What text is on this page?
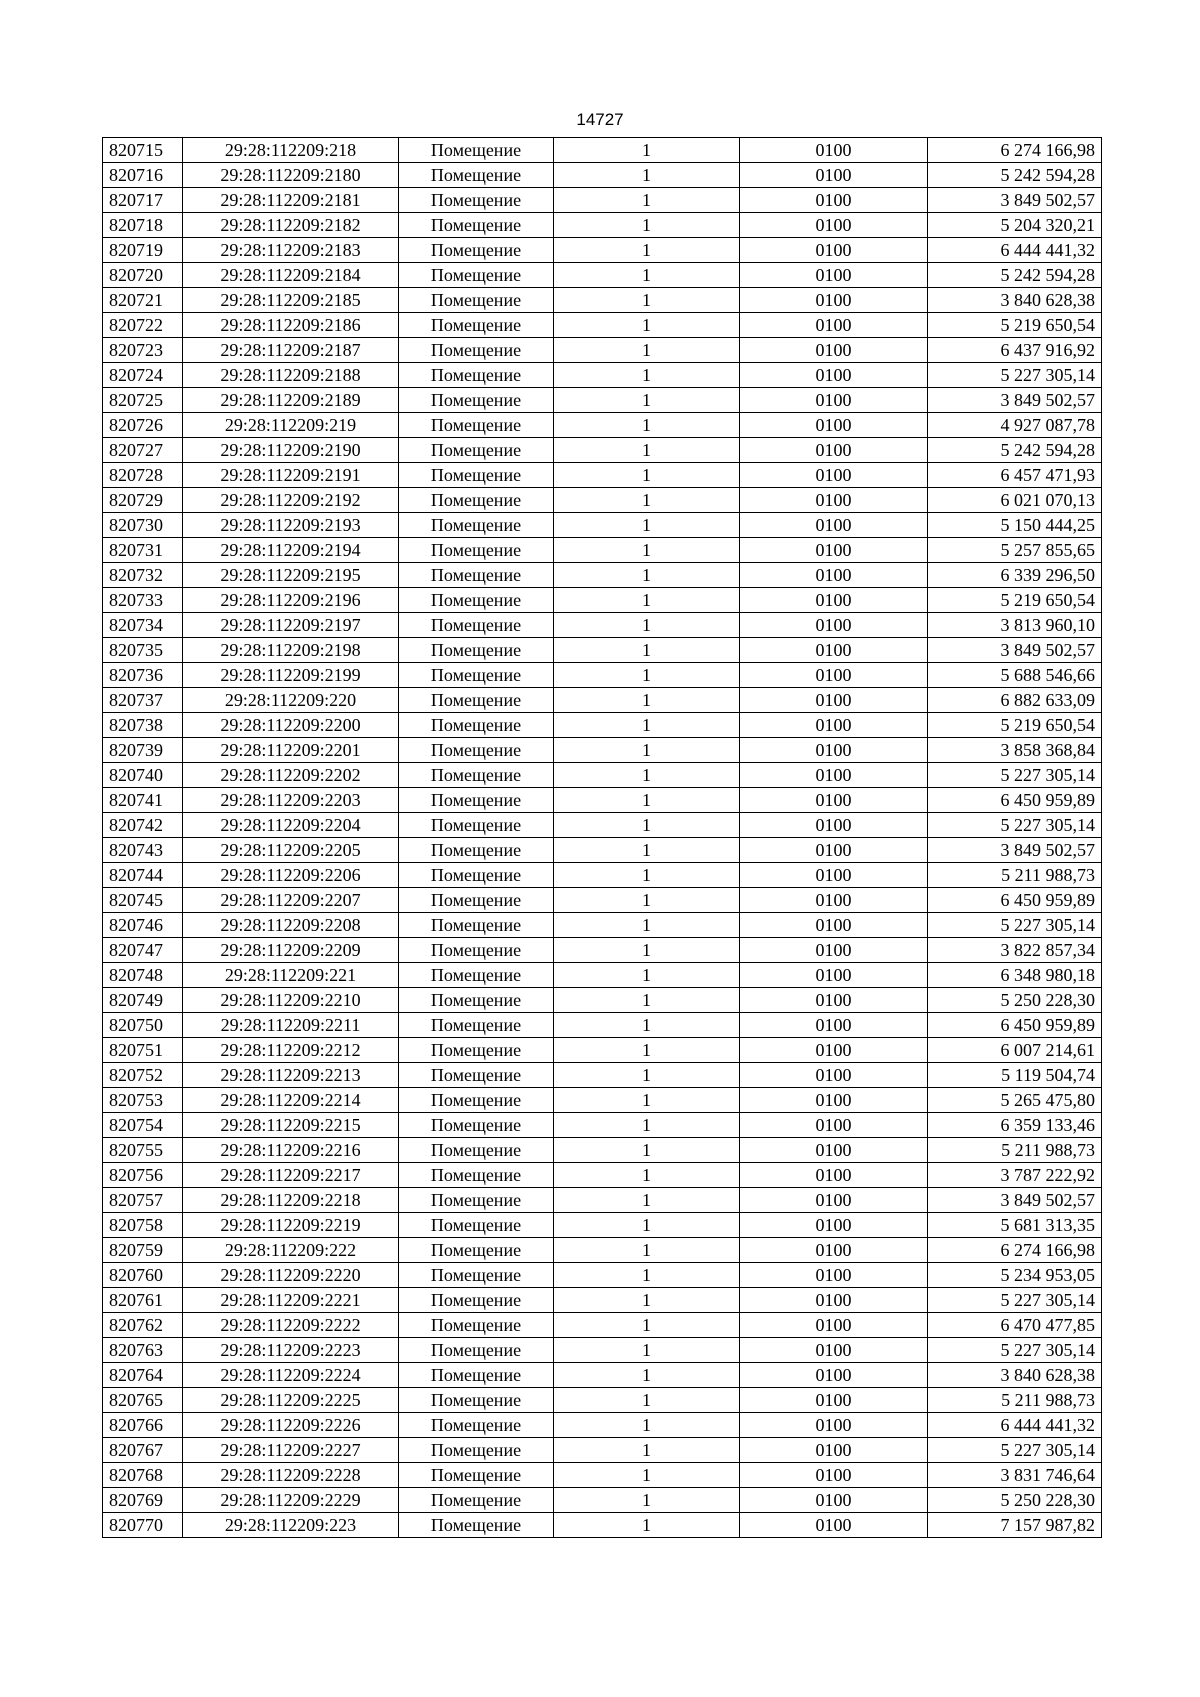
14727
820715	29:28:112209:218	Помещение	1	0100	6 274 166,98
820716	29:28:112209:2180	Помещение	1	0100	5 242 594,28
820717	29:28:112209:2181	Помещение	1	0100	3 849 502,57
820718	29:28:112209:2182	Помещение	1	0100	5 204 320,21
820719	29:28:112209:2183	Помещение	1	0100	6 444 441,32
820720	29:28:112209:2184	Помещение	1	0100	5 242 594,28
820721	29:28:112209:2185	Помещение	1	0100	3 840 628,38
820722	29:28:112209:2186	Помещение	1	0100	5 219 650,54
820723	29:28:112209:2187	Помещение	1	0100	6 437 916,92
820724	29:28:112209:2188	Помещение	1	0100	5 227 305,14
820725	29:28:112209:2189	Помещение	1	0100	3 849 502,57
820726	29:28:112209:219	Помещение	1	0100	4 927 087,78
820727	29:28:112209:2190	Помещение	1	0100	5 242 594,28
820728	29:28:112209:2191	Помещение	1	0100	6 457 471,93
820729	29:28:112209:2192	Помещение	1	0100	6 021 070,13
820730	29:28:112209:2193	Помещение	1	0100	5 150 444,25
820731	29:28:112209:2194	Помещение	1	0100	5 257 855,65
820732	29:28:112209:2195	Помещение	1	0100	6 339 296,50
820733	29:28:112209:2196	Помещение	1	0100	5 219 650,54
820734	29:28:112209:2197	Помещение	1	0100	3 813 960,10
820735	29:28:112209:2198	Помещение	1	0100	3 849 502,57
820736	29:28:112209:2199	Помещение	1	0100	5 688 546,66
820737	29:28:112209:220	Помещение	1	0100	6 882 633,09
820738	29:28:112209:2200	Помещение	1	0100	5 219 650,54
820739	29:28:112209:2201	Помещение	1	0100	3 858 368,84
820740	29:28:112209:2202	Помещение	1	0100	5 227 305,14
820741	29:28:112209:2203	Помещение	1	0100	6 450 959,89
820742	29:28:112209:2204	Помещение	1	0100	5 227 305,14
820743	29:28:112209:2205	Помещение	1	0100	3 849 502,57
820744	29:28:112209:2206	Помещение	1	0100	5 211 988,73
820745	29:28:112209:2207	Помещение	1	0100	6 450 959,89
820746	29:28:112209:2208	Помещение	1	0100	5 227 305,14
820747	29:28:112209:2209	Помещение	1	0100	3 822 857,34
820748	29:28:112209:221	Помещение	1	0100	6 348 980,18
820749	29:28:112209:2210	Помещение	1	0100	5 250 228,30
820750	29:28:112209:2211	Помещение	1	0100	6 450 959,89
820751	29:28:112209:2212	Помещение	1	0100	6 007 214,61
820752	29:28:112209:2213	Помещение	1	0100	5 119 504,74
820753	29:28:112209:2214	Помещение	1	0100	5 265 475,80
820754	29:28:112209:2215	Помещение	1	0100	6 359 133,46
820755	29:28:112209:2216	Помещение	1	0100	5 211 988,73
820756	29:28:112209:2217	Помещение	1	0100	3 787 222,92
820757	29:28:112209:2218	Помещение	1	0100	3 849 502,57
820758	29:28:112209:2219	Помещение	1	0100	5 681 313,35
820759	29:28:112209:222	Помещение	1	0100	6 274 166,98
820760	29:28:112209:2220	Помещение	1	0100	5 234 953,05
820761	29:28:112209:2221	Помещение	1	0100	5 227 305,14
820762	29:28:112209:2222	Помещение	1	0100	6 470 477,85
820763	29:28:112209:2223	Помещение	1	0100	5 227 305,14
820764	29:28:112209:2224	Помещение	1	0100	3 840 628,38
820765	29:28:112209:2225	Помещение	1	0100	5 211 988,73
820766	29:28:112209:2226	Помещение	1	0100	6 444 441,32
820767	29:28:112209:2227	Помещение	1	0100	5 227 305,14
820768	29:28:112209:2228	Помещение	1	0100	3 831 746,64
820769	29:28:112209:2229	Помещение	1	0100	5 250 228,30
820770	29:28:112209:223	Помещение	1	0100	7 157 987,82
